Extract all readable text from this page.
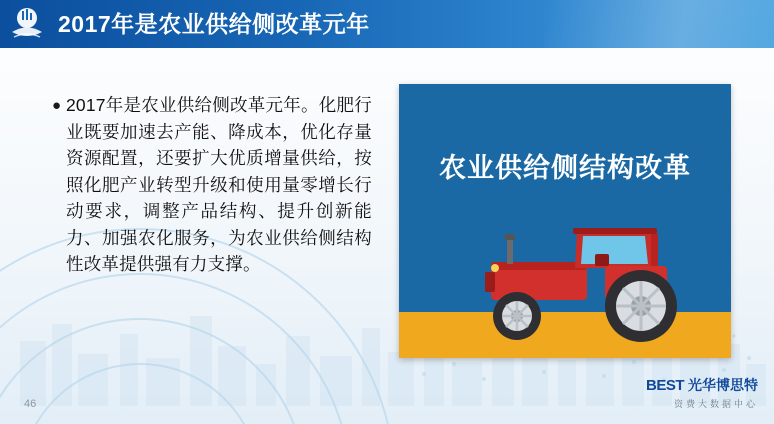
2017年是农业供给侧改革元年
● 2017年是农业供给侧改革元年。化肥行业既要加速去产能、降成本，优化存量资源配置，还要扩大优质增量供给，按照化肥产业转型升级和使用量零增长行动要求，调整产品结构、提升创新能力、加强农化服务，为农业供给侧结构性改革提供强有力支撑。
农业供给侧结构改革
46
BEST 光华博思特
资费大数据中心
